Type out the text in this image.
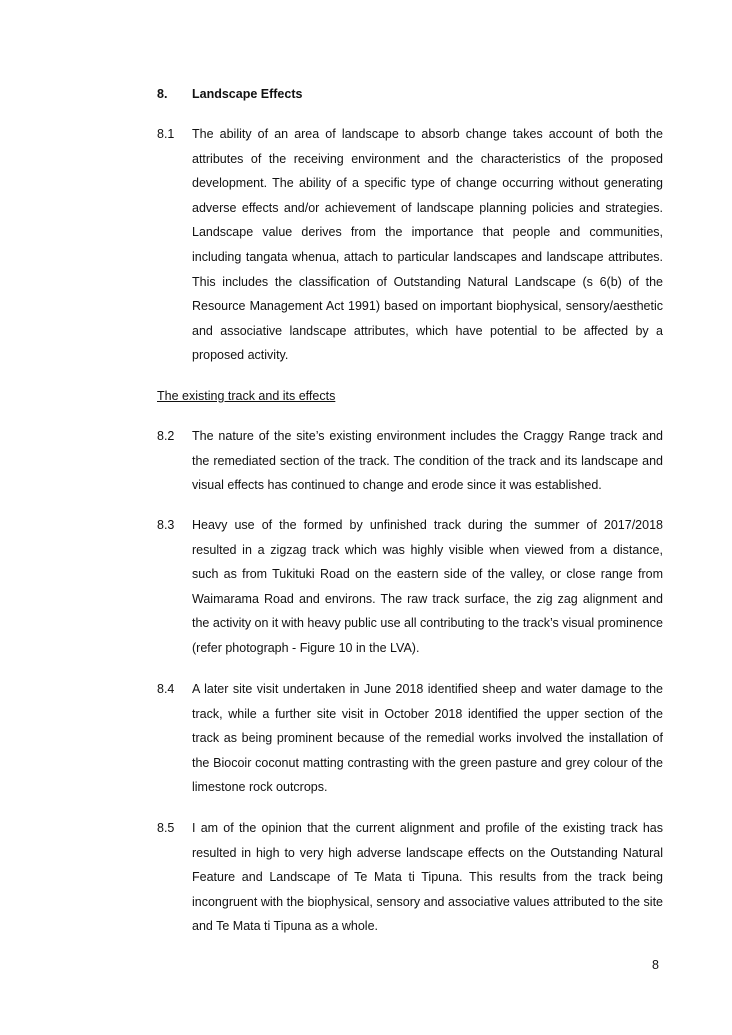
8. Landscape Effects
8.1 The ability of an area of landscape to absorb change takes account of both the attributes of the receiving environment and the characteristics of the proposed development. The ability of a specific type of change occurring without generating adverse effects and/or achievement of landscape planning policies and strategies. Landscape value derives from the importance that people and communities, including tangata whenua, attach to particular landscapes and landscape attributes. This includes the classification of Outstanding Natural Landscape (s 6(b) of the Resource Management Act 1991) based on important biophysical, sensory/aesthetic and associative landscape attributes, which have potential to be affected by a proposed activity.
The existing track and its effects
8.2 The nature of the site’s existing environment includes the Craggy Range track and the remediated section of the track. The condition of the track and its landscape and visual effects has continued to change and erode since it was established.
8.3 Heavy use of the formed by unfinished track during the summer of 2017/2018 resulted in a zigzag track which was highly visible when viewed from a distance, such as from Tukituki Road on the eastern side of the valley, or close range from Waimarama Road and environs. The raw track surface, the zig zag alignment and the activity on it with heavy public use all contributing to the track’s visual prominence (refer photograph - Figure 10 in the LVA).
8.4 A later site visit undertaken in June 2018 identified sheep and water damage to the track, while a further site visit in October 2018 identified the upper section of the track as being prominent because of the remedial works involved the installation of the Biocoir coconut matting contrasting with the green pasture and grey colour of the limestone rock outcrops.
8.5 I am of the opinion that the current alignment and profile of the existing track has resulted in high to very high adverse landscape effects on the Outstanding Natural Feature and Landscape of Te Mata ti Tipuna. This results from the track being incongruent with the biophysical, sensory and associative values attributed to the site and Te Mata ti Tipuna as a whole.
8
